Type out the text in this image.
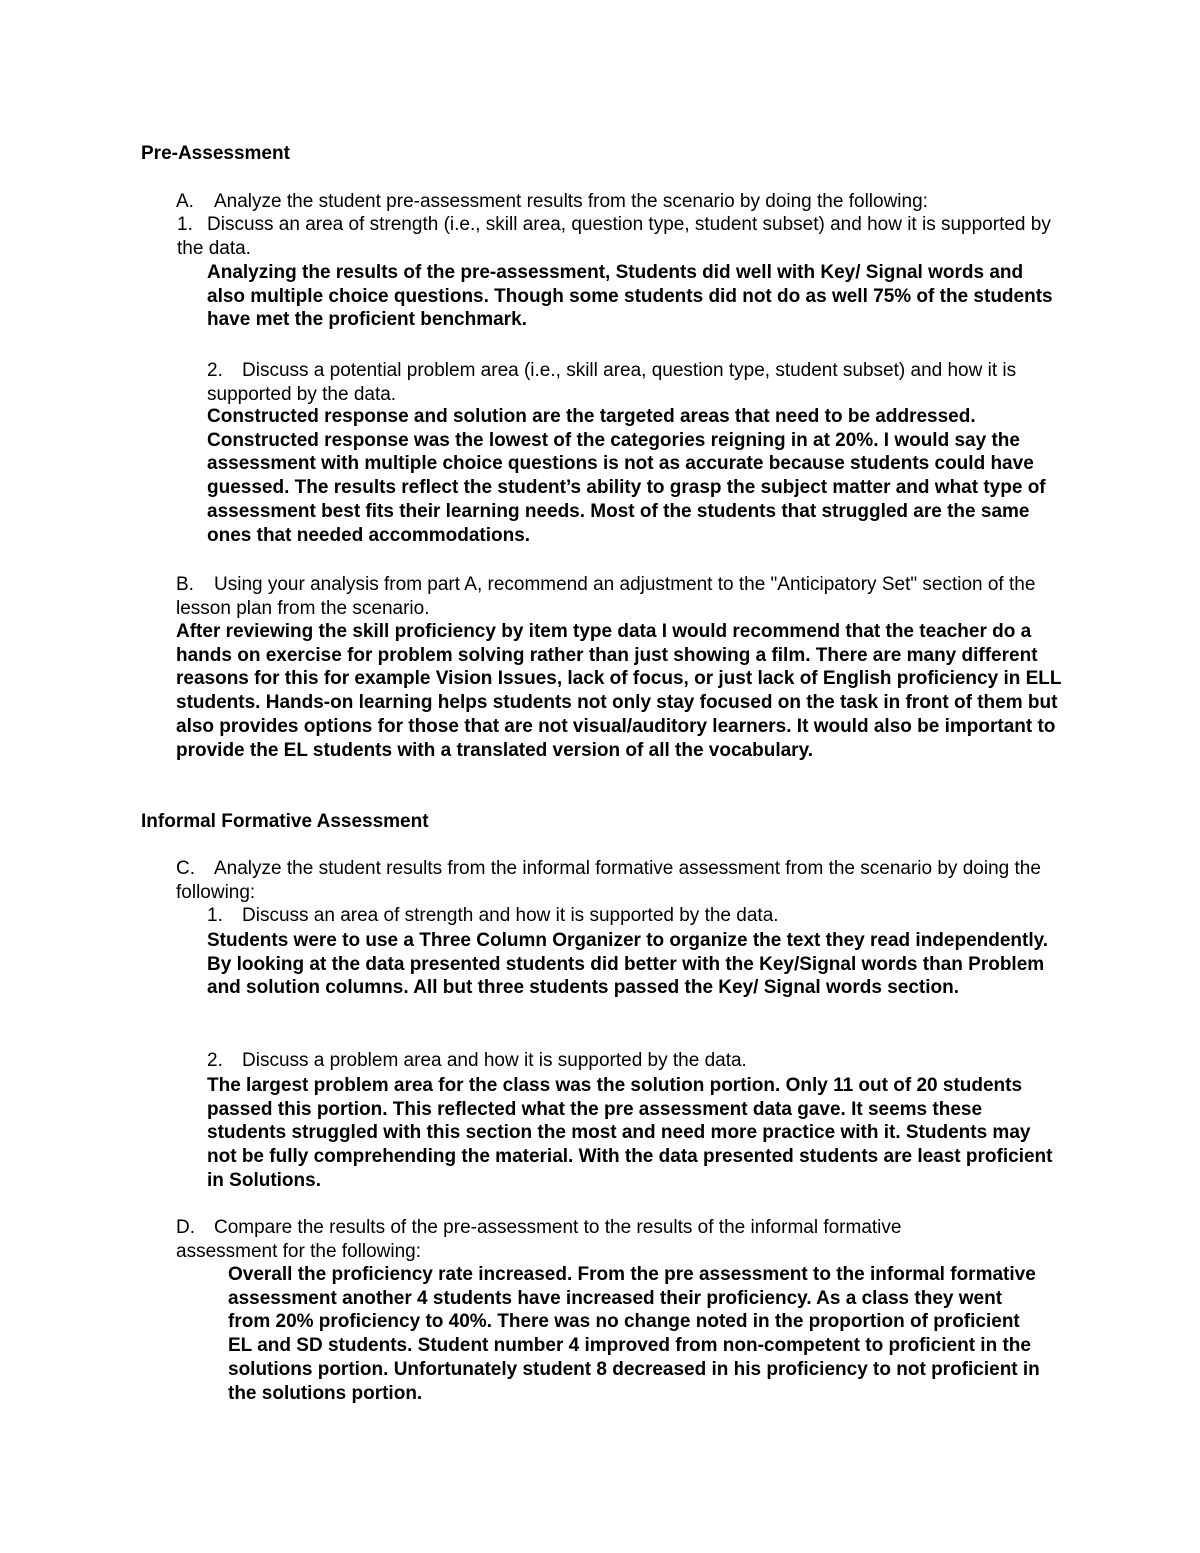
Pre-Assessment

A. Analyze the student pre-assessment results from the scenario by doing the following:

1. Discuss an area of strength (i.e., skill area, question type, student subset) and how it is supported by the data.

Analyzing the results of the pre-assessment, Students did well with Key/ Signal words and also multiple choice questions. Though some students did not do as well 75% of the students have met the proficient benchmark.

2. Discuss a potential problem area (i.e., skill area, question type, student subset) and how it is supported by the data.

Constructed response and solution are the targeted areas that need to be addressed. Constructed response was the lowest of the categories reigning in at 20%. I would say the assessment with multiple choice questions is not as accurate because students could have guessed. The results reflect the student’s ability to grasp the subject matter and what type of assessment best fits their learning needs. Most of the students that struggled are the same ones that needed accommodations.

B. Using your analysis from part A, recommend an adjustment to the "Anticipatory Set" section of the lesson plan from the scenario.

After reviewing the skill proficiency by item type data I would recommend that the teacher do a hands on exercise for problem solving rather than just showing a film. There are many different reasons for this for example Vision Issues, lack of focus, or just lack of English proficiency in ELL students. Hands-on learning helps students not only stay focused on the task in front of them but also provides options for those that are not visual/auditory learners. It would also be important to provide the EL students with a translated version of all the vocabulary.

Informal Formative Assessment

C. Analyze the student results from the informal formative assessment from the scenario by doing the following:

1. Discuss an area of strength and how it is supported by the data.

Students were to use a Three Column Organizer to organize the text they read independently. By looking at the data presented students did better with the Key/Signal words than Problem and solution columns. All but three students passed the Key/ Signal words section.

2. Discuss a problem area and how it is supported by the data.

The largest problem area for the class was the solution portion. Only 11 out of 20 students passed this portion. This reflected what the pre assessment data gave. It seems these students struggled with this section the most and need more practice with it. Students may not be fully comprehending the material. With the data presented students are least proficient in Solutions.

D. Compare the results of the pre-assessment to the results of the informal formative assessment for the following:

Overall the proficiency rate increased. From the pre assessment to the informal formative assessment another 4 students have increased their proficiency. As a class they went from 20% proficiency to 40%. There was no change noted in the proportion of proficient EL and SD students. Student number 4 improved from non-competent to proficient in the solutions portion. Unfortunately student 8 decreased in his proficiency to not proficient in the solutions portion.
